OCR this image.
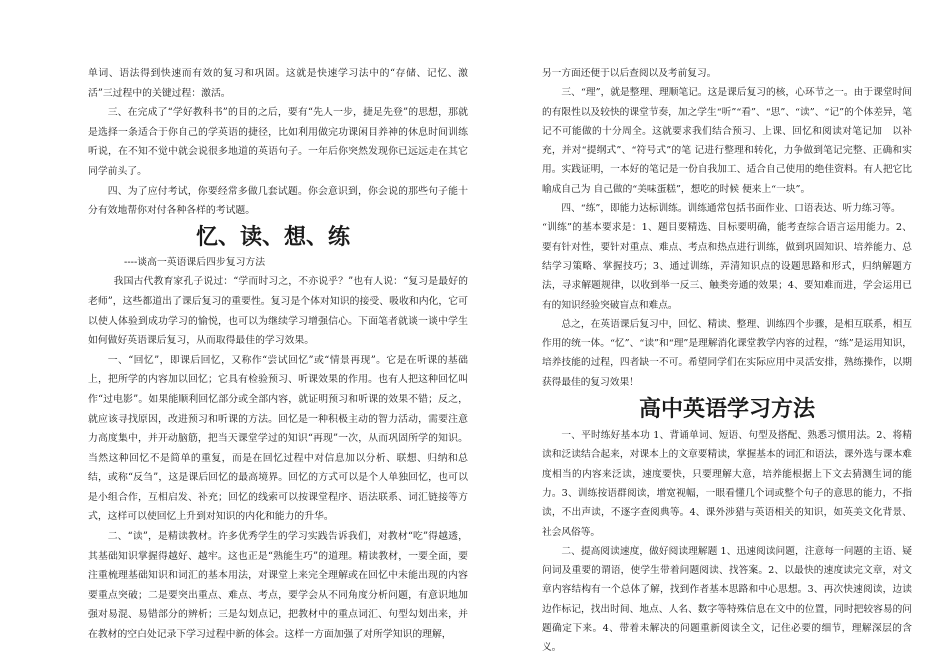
单词、语法得到快速而有效的复习和巩固。这就是快速学习法中的“存储、记忆、激活”三过程中的关键过程：激活。

三、在完成了“学好教科书”的目的之后，要有“先人一步，捷足先登”的思想，那就是选择一条适合于你自己的学英语的捷径，比如利用做完功课闲目养神的休息时间训练听说，在不知不觉中就会说很多地道的英语句子。一年后你突然发现你已远远走在其它同学前头了。

四、为了应付考试，你要经常多做几套试题。你会意识到，你会说的那些句子能十分有效地帮你对付各种各样的考试题。

忆、读、想、练

----谈高一英语课后四步复习方法

我国古代教育家孔子说过：“学而时习之，不亦说乎？”也有人说：“复习是最好的老师”，这些都道出了课后复习的重要性。复习是个体对知识的接受、吸收和内化，它可以使人体验到成功学习的愉悦，也可以为继续学习增强信心。下面笔者就谈一谈中学生如何做好英语课后复习，从而取得最佳的学习效果。

一、“回忆”，即课后回忆，又称作“尝试回忆”或“情景再现”。它是在听课的基础上，把所学的内容加以回忆；它具有检验预习、听课效果的作用。也有人把这种回忆叫作“过电影”。如果能顺利回忆部分或全部内容，就证明预习和听课的效果不错；反之，就应该寻找原因，改进预习和听课的方法。回忆是一种积极主动的智力活动，需要注意力高度集中，并开动脑筋，把当天课堂学过的知识“再现”一次，从而巩固所学的知识。当然这种回忆不是简单的重复，而是在回忆过程中对信息加以分析、联想、归纳和总结，或称“反刍”，这是课后回忆的最高境界。回忆的方式可以是个人单独回忆，也可以是小组合作，互相启发、补充；回忆的线索可以按课堂程序、语法联系、词汇链接等方式，这样可以使回忆上升到对知识的内化和能力的升华。

二、“读”，是精读教材。许多优秀学生的学习实践告诉我们，对教材“吃”得越透，其基础知识掌握得越好、越牢。这也正是“熟能生巧”的道理。精读教材，一要全面，要注重梳理基础知识和词汇的基本用法，对课堂上来完全理解或在回忆中未能出现的内容要重点突破；二是要突出重点、难点、考点，要学会从不同角度分析问题，有意识地加强对易混、易错部分的辨析；三是勾划点记，把教材中的重点词汇、句型勾划出来，并在教材的空白处记录下学习过程中新的体会。这样一方面加强了对所学知识的理解，

另一方面还便于以后查阅以及考前复习。

三、“理”，就是整理、理顺笔记。这是课后复习的核，心环节之一。由于课堂时间的有限性以及较快的课堂节奏，加之学生“听”“看”、“思”、“读”、“记”的个体差异，笔记不可能做的十分周全。这就要求我们结合预习、上课、回忆和阅读对笔记加　以补充，并对“提纲式”、“符号式”的笔 记进行整理和转化，力争做到笔记完整、正确和实用。实践证明，一本好的笔记是一份自我加工、适合自己使用的绝佳资料。有人把它比喻成自己为 自己做的“美味蛋糕”，想吃的时候 便来上“一块”。

四、“练”，即能力达标训练。训练通常包括书面作业、口语表达、听力练习等。

“训练”的基本要求是：1、题目要精选、目标要明确，能考查综合语言运用能力。2、要有针对性，要针对重点、难点、考点和热点进行训练，做到巩固知识、培养能力、总结学习策略、掌握技巧；3、通过训练，弄清知识点的设题思路和形式，归纳解题方法，寻求解题规律，以收到举一反三、触类旁通的效果；4、要知难而进，学会运用已有的知识经验突破盲点和难点。

总之，在英语课后复习中，回忆、精读、整理、训练四个步骤，是相互联系，相互作用的统一体。“忆”、“读”和“理”是理解消化课堂教学内容的过程，“练”是运用知识，培养技能的过程，四者缺一不可。希望同学们在实际应用中灵活安排，熟练操作，以期获得最佳的复习效果！

高中英语学习方法

一、平时练好基本功 1、背诵单词、短语、句型及搭配、熟悉习惯用法。2、将精读和泛读结合起来，对课本上的文章要精读，掌握基本的词汇和语法，课外选与课本难度相当的内容来泛读，速度要快，只要理解大意，培养能根据上下文去猜测生词的能力。3、训练按语群阅读，增宽视幅，一眼看懂几个词或整个句子的意思的能力，不指读，不出声读，不逐字查阅典等。4、课外涉猎与英语相关的知识，如英美文化背景、社会风俗等。

二、提高阅读速度，做好阅读理解题 1、迅速阅读问题，注意每一问题的主语、疑问词及重要的谓语，使学生带着问题阅读、找答案。2、以最快的速度读完文章，对文章内容结构有一个总体了解，找到作者基本思路和中心思想。3、再次快速阅读，边读边作标记，找出时间、地点、人名、数字等特殊信息在文中的位置，同时把较容易的问题确定下来。4、带着未解决的问题重新阅读全文，记住必要的细节，理解深层的含义。
